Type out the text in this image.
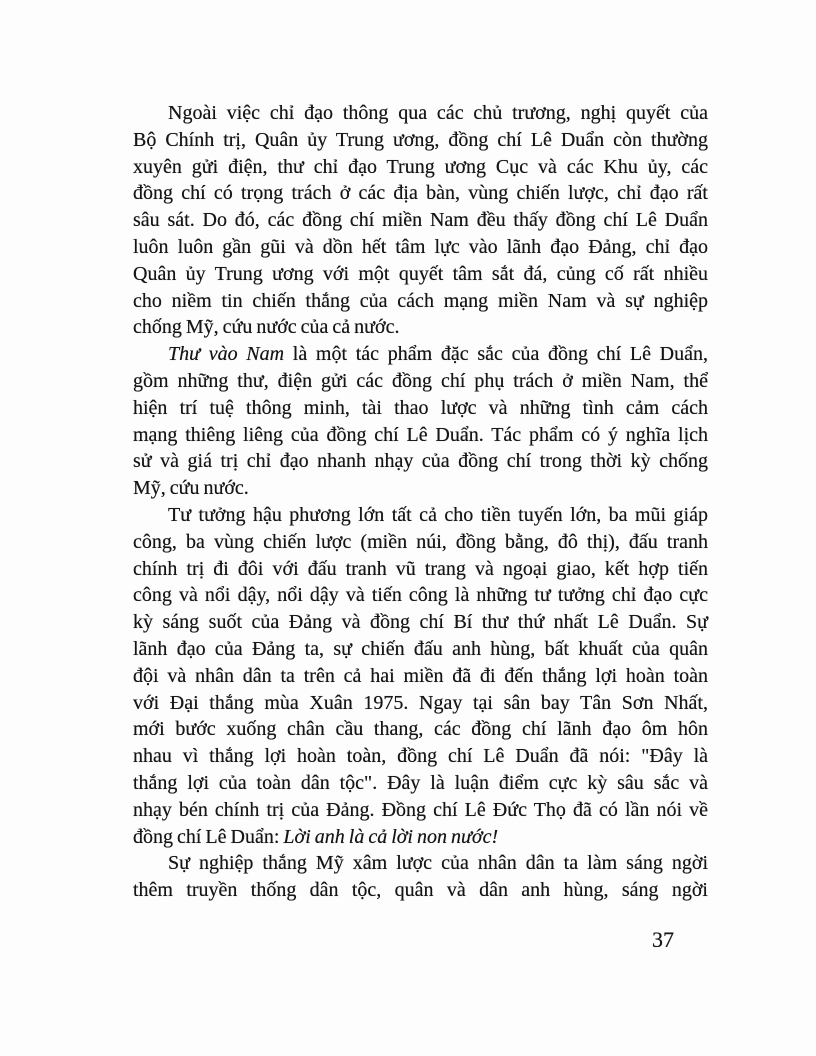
Ngoài việc chỉ đạo thông qua các chủ trương, nghị quyết của
Bộ Chính trị, Quân ủy Trung ương, đồng chí Lê Duẩn còn thường
xuyên gửi điện, thư chỉ đạo Trung ương Cục và các Khu ủy, các
đồng chí có trọng trách ở các địa bàn, vùng chiến lược, chỉ đạo rất
sâu sát. Do đó, các đồng chí miền Nam đều thấy đồng chí Lê Duẩn
luôn luôn gần gũi và dồn hết tâm lực vào lãnh đạo Đảng, chỉ đạo
Quân ủy Trung ương với một quyết tâm sắt đá, củng cố rất nhiều
cho niềm tin chiến thắng của cách mạng miền Nam và sự nghiệp
chống Mỹ, cứu nước của cả nước.
Thư vào Nam là một tác phẩm đặc sắc của đồng chí Lê Duẩn,
gồm những thư, điện gửi các đồng chí phụ trách ở miền Nam, thể
hiện trí tuệ thông minh, tài thao lược và những tình cảm cách
mạng thiêng liêng của đồng chí Lê Duẩn. Tác phẩm có ý nghĩa lịch
sử và giá trị chỉ đạo nhanh nhạy của đồng chí trong thời kỳ chống
Mỹ, cứu nước.
Tư tưởng hậu phương lớn tất cả cho tiền tuyến lớn, ba mũi giáp
công, ba vùng chiến lược (miền núi, đồng bằng, đô thị), đấu tranh
chính trị đi đôi với đấu tranh vũ trang và ngoại giao, kết hợp tiến
công và nổi dậy, nổi dậy và tiến công là những tư tưởng chỉ đạo cực
kỳ sáng suốt của Đảng và đồng chí Bí thư thứ nhất Lê Duẩn. Sự
lãnh đạo của Đảng ta, sự chiến đấu anh hùng, bất khuất của quân
đội và nhân dân ta trên cả hai miền đã đi đến thắng lợi hoàn toàn
với Đại thắng mùa Xuân 1975. Ngay tại sân bay Tân Sơn Nhất,
mới bước xuống chân cầu thang, các đồng chí lãnh đạo ôm hôn
nhau vì thắng lợi hoàn toàn, đồng chí Lê Duẩn đã nói: "Đây là
thắng lợi của toàn dân tộc". Đây là luận điểm cực kỳ sâu sắc và
nhạy bén chính trị của Đảng. Đồng chí Lê Đức Thọ đã có lần nói về
đồng chí Lê Duẩn: Lời anh là cả lời non nước!
Sự nghiệp thắng Mỹ xâm lược của nhân dân ta làm sáng ngời
thêm truyền thống dân tộc, quân và dân anh hùng, sáng ngời
37
